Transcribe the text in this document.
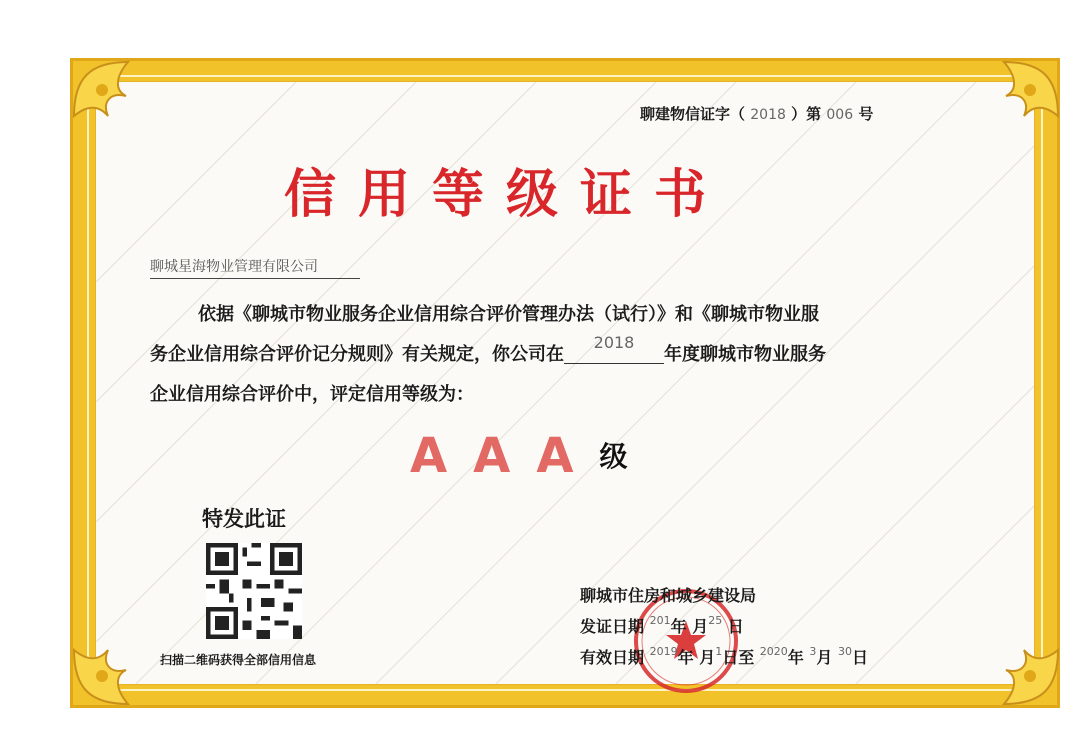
聊建物信证字（ 2018 ）第 006 号
信用等级证书
聊城星海物业管理有限公司
依据《聊城市物业服务企业信用综合评价管理办法（试行）》和《聊城市物业服
务企业信用综合评价记分规则》有关规定，你公司在2018年度聊城市物业服务
企业信用综合评价中，评定信用等级为：
A A A 级
特发此证
扫描二维码获得全部信用信息
聊城市住房和城乡建设局
发证日期 $^{201}$年 月$^{25}$ 日
有效日期 $^{2019}$年 月$^1$日至 $^{2020}$年 $^3$月 $^{30}$日
